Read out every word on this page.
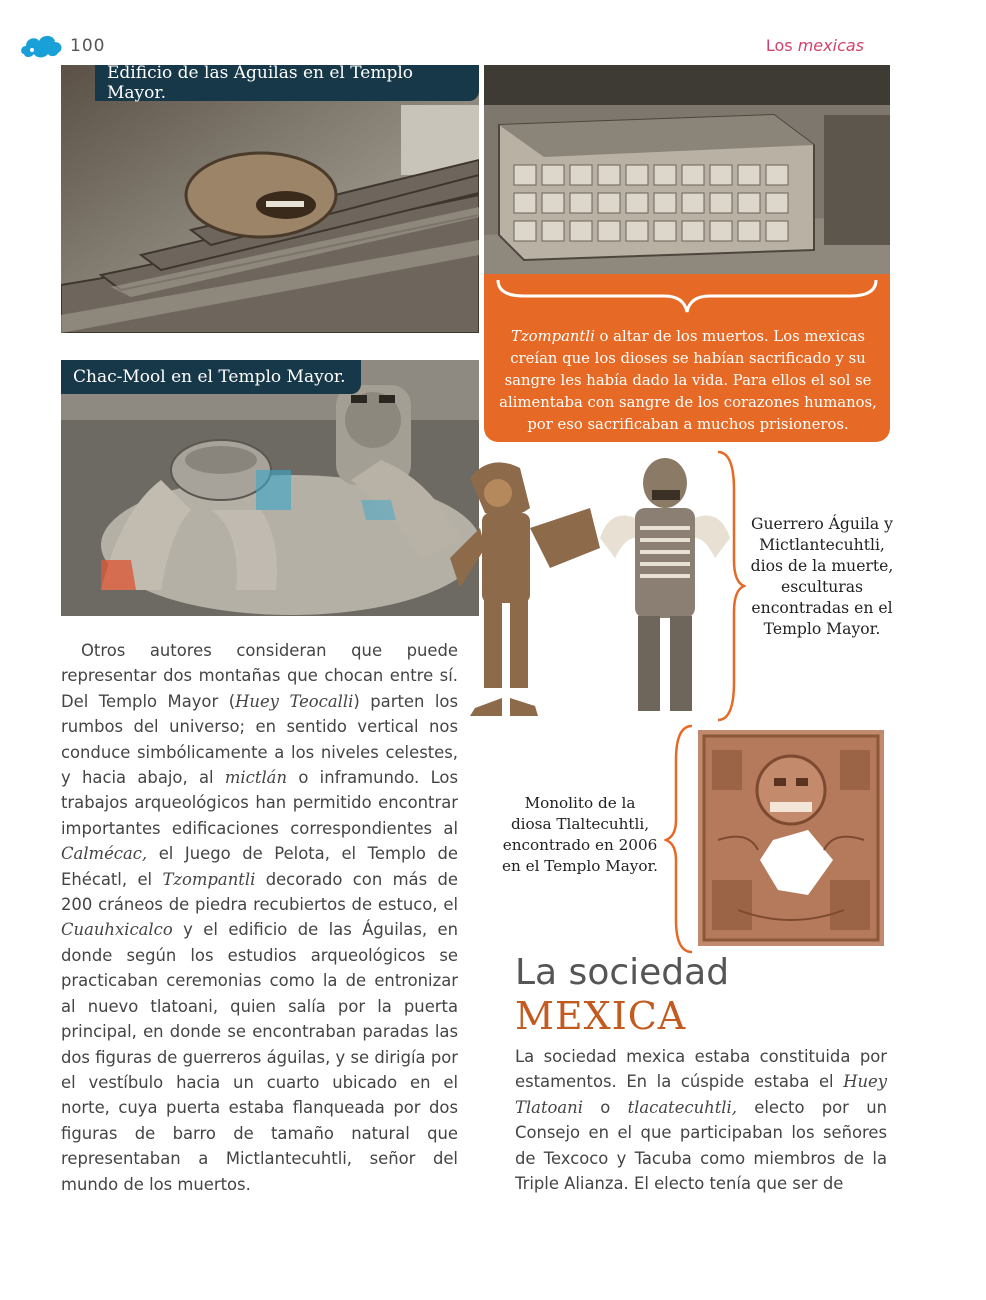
100	Los mexicas
Edificio de las Águilas en el Templo Mayor.
Tzompantli o altar de los muertos. Los mexicas creían que los dioses se habían sacrificado y su sangre les había dado la vida. Para ellos el sol se alimentaba con sangre de los corazones humanos, por eso sacrificaban a muchos prisioneros.
Chac-Mool en el Templo Mayor.
Guerrero Águila y Mictlantecuhtli, dios de la muerte, esculturas encontradas en el Templo Mayor.
Monolito de la diosa Tlaltecuhtli, encontrado en 2006 en el Templo Mayor.
Otros autores consideran que puede representar dos montañas que chocan entre sí. Del Templo Mayor (Huey Teocalli) parten los rumbos del universo; en sentido vertical nos conduce simbólicamente a los niveles celestes, y hacia abajo, al mictlán o inframundo. Los trabajos arqueológicos han permitido encontrar importantes edificaciones correspondientes al Calmécac, el Juego de Pelota, el Templo de Ehécatl, el Tzompantli decorado con más de 200 cráneos de piedra recubiertos de estuco, el Cuauhxicalco y el edificio de las Águilas, en donde según los estudios arqueológicos se practicaban ceremonias como la de entronizar al nuevo tlatoani, quien salía por la puerta principal, en donde se encontraban paradas las dos figuras de guerreros águilas, y se dirigía por el vestíbulo hacia un cuarto ubicado en el norte, cuya puerta estaba flanqueada por dos figuras de barro de tamaño natural que representaban a Mictlantecuhtli, señor del mundo de los muertos.
La sociedad
MEXICA
La sociedad mexica estaba constituida por estamentos. En la cúspide estaba el Huey Tlatoani o tlacatecuhtli, electo por un Consejo en el que participaban los señores de Texcoco y Tacuba como miembros de la Triple Alianza. El electo tenía que ser de
